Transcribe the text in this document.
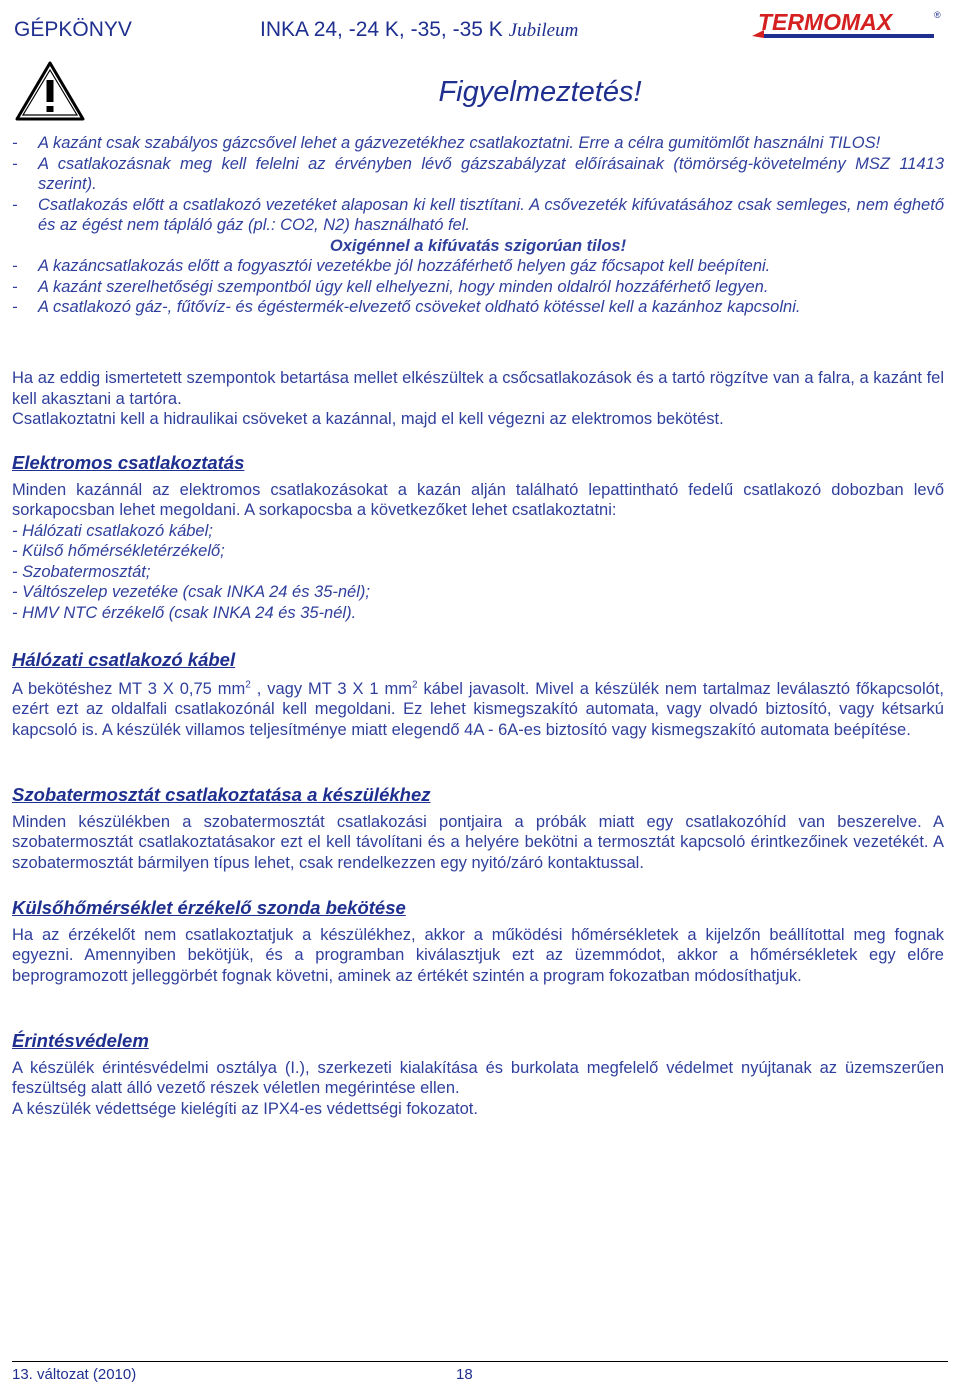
GÉPKÖNYV	INKA 24, -24 K, -35, -35 K Jubileum	TERMOMAX	®
Figyelmeztetés!
- A kazánt csak szabályos gázcsővel lehet a gázvezetékhez csatlakoztatni. Erre a célra gumitömlőt használni TILOS!
- A csatlakozásnak meg kell felelni az érvényben lévő gázszabályzat előírásainak (tömörség-követelmény MSZ 11413 szerint).
- Csatlakozás előtt a csatlakozó vezetéket alaposan ki kell tisztítani. A csővezeték kifúvatásához csak semleges, nem éghető és az égést nem tápláló gáz (pl.: CO2, N2) használható fel.
Oxigénnel a kifúvatás szigorúan tilos!
- A kazáncsatlakozás előtt a fogyasztói vezetékbe jól hozzáférhető helyen gáz főcsapot kell beépíteni.
- A kazánt szerelhetőségi szempontból úgy kell elhelyezni, hogy minden oldalról hozzáférhető legyen.
- A csatlakozó gáz-, fűtővíz- és égéstermék-elvezető csöveket oldható kötéssel kell a kazánhoz kapcsolni.

Ha az eddig ismertetett szempontok betartása mellet elkészültek a csőcsatlakozások és a tartó rögzítve van a falra, a kazánt fel kell akasztani a tartóra.

Csatlakoztatni kell a hidraulikai csöveket a kazánnal, majd el kell végezni az elektromos bekötést.

Elektromos csatlakoztatás

Minden kazánnál az elektromos csatlakozásokat a kazán alján található lepattintható fedelű csatlakozó dobozban levő sorkapocsban lehet megoldani. A sorkapocsba a következőket lehet csatlakoztatni:

- Hálózati csatlakozó kábel;

- Külső hőmérsékletérzékelő;

- Szobatermosztát;

- Váltószelep vezetéke (csak INKA 24 és 35-nél);

- HMV NTC érzékelő (csak INKA 24 és 35-nél).

Hálózati csatlakozó kábel

A bekötéshez MT 3 X 0,75 $mm^2$ , vagy MT 3 X 1 $mm^2$ kábel javasolt. Mivel a készülék nem tartalmaz leválasztó főkapcsolót, ezért ezt az oldalfali csatlakozónál kell megoldani. Ez lehet kismegszakító automata, vagy olvadó biztosító, vagy kétsarkú kapcsoló is. A készülék villamos teljesítménye miatt elegendő 4A - 6A-es biztosító vagy kismegszakító automata beépítése.

Szobatermosztát csatlakoztatása a készülékhez

Minden készülékben a szobatermosztát csatlakozási pontjaira a próbák miatt egy csatlakozóhíd van beszerelve. A szobatermosztát csatlakoztatásakor ezt el kell távolítani és a helyére bekötni a termosztát kapcsoló érintkezőinek vezetékét. A szobatermosztát bármilyen típus lehet, csak rendelkezzen egy nyitó/záró kontaktussal.

Külsőhőmérséklet érzékelő szonda bekötése

Ha az érzékelőt nem csatlakoztatjuk a készülékhez, akkor a működési hőmérsékletek a kijelzőn beállítottal meg fognak egyezni. Amennyiben bekötjük, és a programban kiválasztjuk ezt az üzemmódot, akkor a hőmérsékletek egy előre beprogramozott jelleggörbét fognak követni, aminek az értékét szintén a program fokozatban módosíthatjuk.

Érintésvédelem

A készülék érintésvédelmi osztálya (I.), szerkezeti kialakítása és burkolata megfelelő védelmet nyújtanak az üzemszerűen feszültség alatt álló vezető részek véletlen megérintése ellen.

A készülék védettsége kielégíti az IPX4-es védettségi fokozatot.

13. változat (2010)	18
